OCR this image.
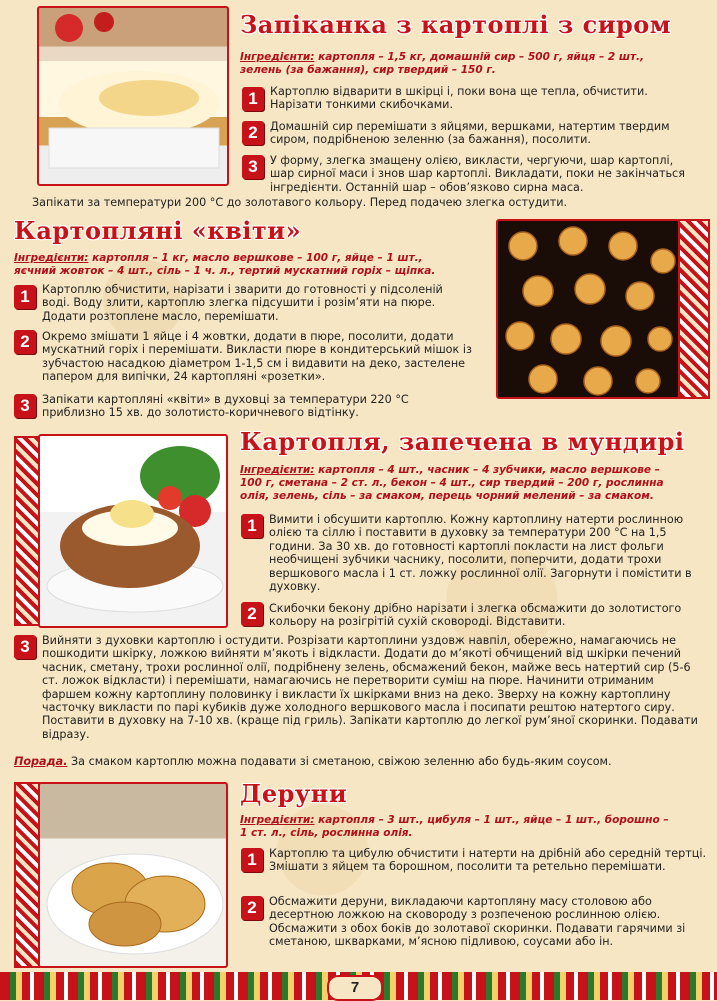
Запіканка з картоплі з сиром
Інгредієнти: картопля – 1,5 кг, домашній сир – 500 г, яйця – 2 шт.,
зелень (за бажання), сир твердий – 150 г.
1	Картоплю відварити в шкірці і, поки вона ще тепла, обчистити. Нарізати тонкими скибочками.
2	Домашній сир перемішати з яйцями, вершками, натертим твердим сиром, подрібненою зеленню (за бажання), посолити.
3	У форму, злегка змащену олією, викласти, чергуючи, шар картоплі, шар сирної маси і знов шар картоплі. Викладати, поки не закінчаться інгредієнти. Останній шар – обов’язково сирна маса.
Запікати за температури 200 °C до золотавого кольору. Перед подачею злегка остудити.
Картопляні «квіти»
Інгредієнти: картопля – 1 кг, масло вершкове – 100 г, яйце – 1 шт.,
яєчний жовток – 4 шт., сіль – 1 ч. л., тертий мускатний горіх – щіпка.
1	Картоплю обчистити, нарізати і зварити до готовності у підсоленій воді. Воду злити, картоплю злегка підсушити і розім’яти на пюре. Додати розтоплене масло, перемішати.
2	Окремо змішати 1 яйце і 4 жовтки, додати в пюре, посолити, додати мускатний горіх і перемішати. Викласти пюре в кондитерський мішок із зубчастою насадкою діаметром 1-1,5 см і видавити на деко, застелене папером для випічки, 24 картопляні «розетки».
3	Запікати картопляні «квіти» в духовці за температури 220 °C приблизно 15 хв. до золотисто-коричневого відтінку.
Картопля, запечена в мундирі
Інгредієнти: картопля – 4 шт., часник – 4 зубчики, масло вершкове –
100 г, сметана – 2 ст. л., бекон – 4 шт., сир твердий – 200 г, рослинна
олія, зелень, сіль – за смаком, перець чорний мелений – за смаком.
1	Вимити і обсушити картоплю. Кожну картоплину натерти рослинною олією та сіллю і поставити в духовку за температури 200 °C на 1,5 години. За 30 хв. до готовності картоплі покласти на лист фольги необчищені зубчики часнику, посолити, поперчити, додати трохи вершкового масла і 1 ст. ложку рослинної олії. Загорнути і помістити в духовку.
2	Скибочки бекону дрібно нарізати і злегка обсмажити до золотистого кольору на розігрітій сухій сковороді. Відставити.
3	Вийняти з духовки картоплю і остудити. Розрізати картоплини уздовж навпіл, обережно, намагаючись не пошкодити шкірку, ложкою вийняти м’якоть і відкласти. Додати до м’якоті обчищений від шкірки печений часник, сметану, трохи рослинної олії, подрібнену зелень, обсмажений бекон, майже весь натертий сир (5-6 ст. ложок відкласти) і перемішати, намагаючись не перетворити суміш на пюре. Начинити отриманим фаршем кожну картоплину половинку і викласти їх шкірками вниз на деко. Зверху на кожну картоплину часточку викласти по парі кубиків дуже холодного вершкового масла і посипати рештою натертого сиру. Поставити в духовку на 7-10 хв. (краще під гриль). Запікати картоплю до легкої рум’яної скоринки. Подавати відразу.
Порада. За смаком картоплю можна подавати зі сметаною, свіжою зеленню або будь-яким соусом.
Деруни
Інгредієнти: картопля – 3 шт., цибуля – 1 шт., яйце – 1 шт., борошно –
1 ст. л., сіль, рослинна олія.
1	Картоплю та цибулю обчистити і натерти на дрібній або середній тертці. Змішати з яйцем та борошном, посолити та ретельно перемішати.
2	Обсмажити деруни, викладаючи картопляну масу столовою або десертною ложкою на сковороду з розпеченою рослинною олією. Обсмажити з обох боків до золотавої скоринки. Подавати гарячими зі сметаною, шкварками, м’ясною підливою, соусами або ін.
7
